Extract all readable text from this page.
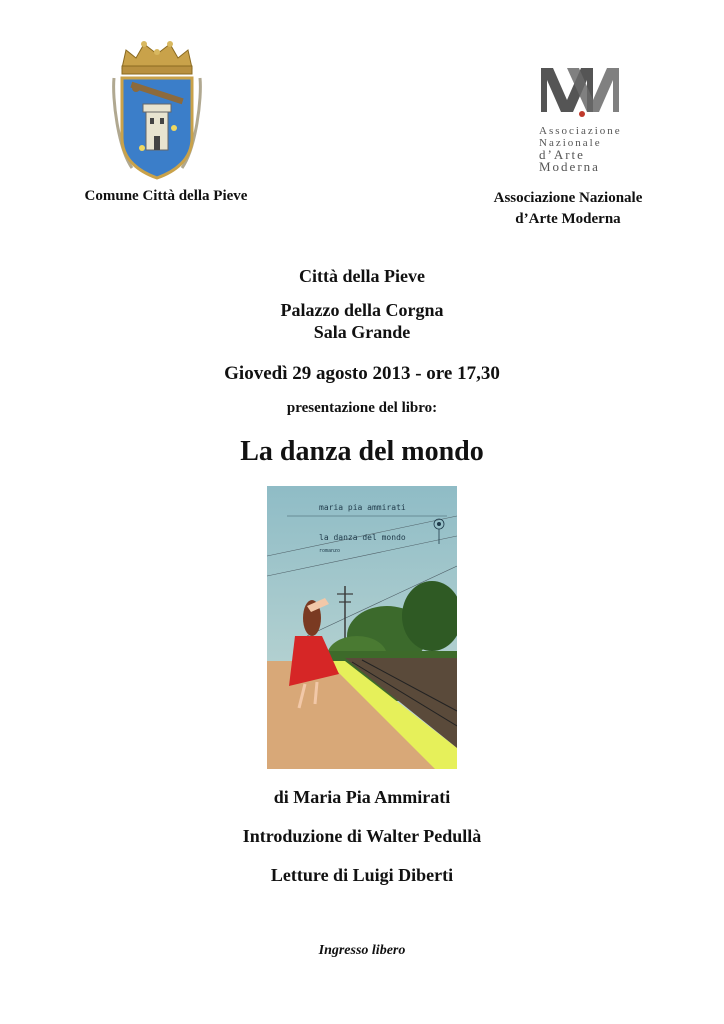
Comune Città della Pieve
Associazione
Nazionale
d’Arte
Moderna
Associazione Nazionale
d’Arte Moderna
Città della Pieve
Palazzo della Corgna
Sala Grande
Giovedì 29 agosto 2013 - ore 17,30
presentazione del libro:
La danza del mondo
maria pia ammirati
la danza del mondo
romanzo
di Maria Pia Ammirati
Introduzione di Walter Pedullà
Letture di Luigi Diberti
Ingresso libero
